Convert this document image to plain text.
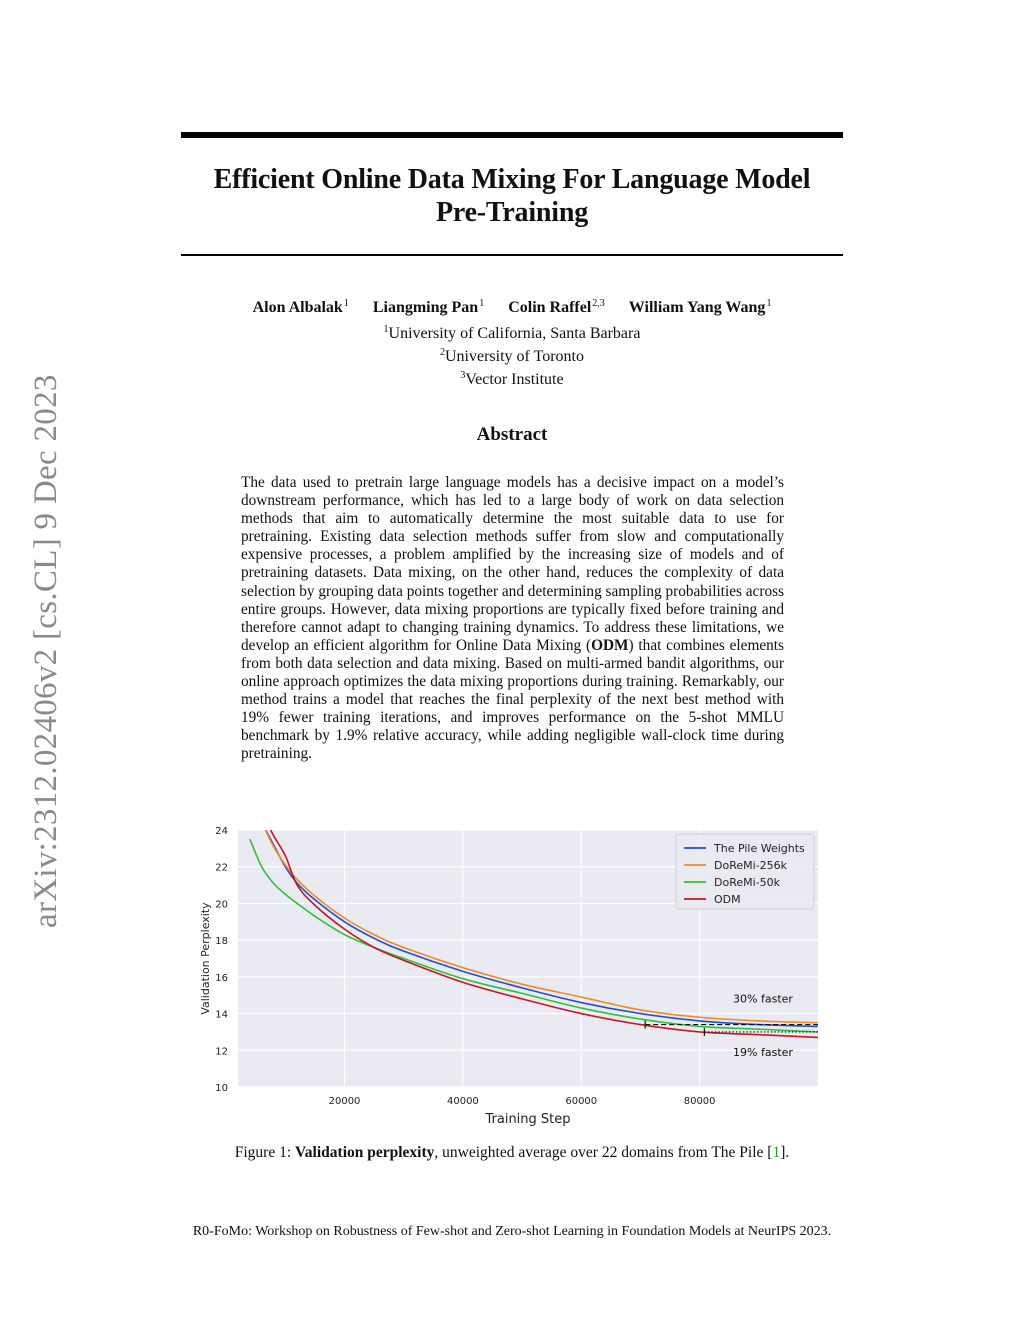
arXiv:2312.02406v2 [cs.CL] 9 Dec 2023
Efficient Online Data Mixing For Language Model
Pre-Training
Alon Albalak$^1$ Liangming Pan$^1$ Colin Raffel$^{2,3}$ William Yang Wang$^1$
$^1$University of California, Santa Barbara
$^2$University of Toronto
$^3$Vector Institute
Abstract
The data used to pretrain large language models has a decisive impact on a model’s downstream performance, which has led to a large body of work on data selection methods that aim to automatically determine the most suitable data to use for pretraining. Existing data selection methods suffer from slow and computationally expensive processes, a problem amplified by the increasing size of models and of pretraining datasets. Data mixing, on the other hand, reduces the complexity of data selection by grouping data points together and determining sampling probabilities across entire groups. However, data mixing proportions are typically fixed before training and therefore cannot adapt to changing training dynamics. To address these limitations, we develop an efficient algorithm for Online Data Mixing (ODM) that combines elements from both data selection and data mixing. Based on multi-armed bandit algorithms, our online approach optimizes the data mixing proportions during training. Remarkably, our method trains a model that reaches the final perplexity of the next best method with 19% fewer training iterations, and improves performance on the 5-shot MMLU benchmark by 1.9% relative accuracy, while adding negligible wall-clock time during pretraining.
30% faster
19% faster
10
12
14
16
18
20
22
24
20000	40000	60000	80000
Training Step
Validation Perplexity
The Pile Weights
DoReMi-256k
DoReMi-50k
ODM
Figure 1: Validation perplexity, unweighted average over 22 domains from The Pile [1].
R0-FoMo: Workshop on Robustness of Few-shot and Zero-shot Learning in Foundation Models at NeurIPS 2023.
